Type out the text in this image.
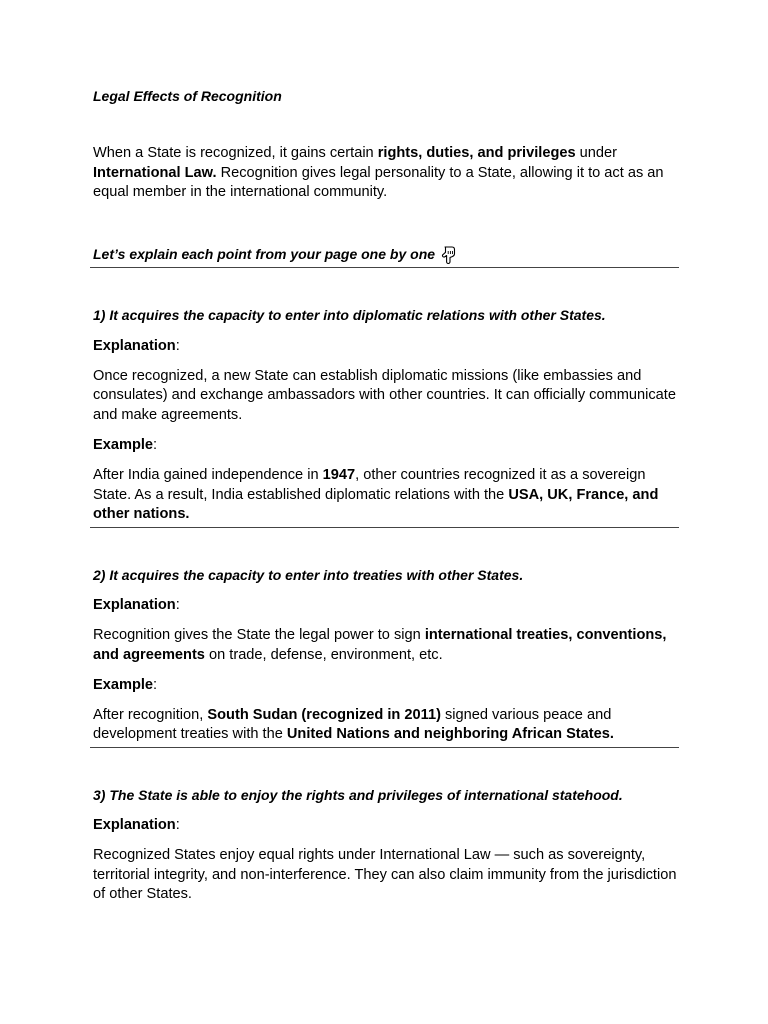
Legal Effects of Recognition

When a State is recognized, it gains certain rights, duties, and privileges under International Law. Recognition gives legal personality to a State, allowing it to act as an equal member in the international community.

Let’s explain each point from your page one by one
1) It acquires the capacity to enter into diplomatic relations with other States.

Explanation:

Once recognized, a new State can establish diplomatic missions (like embassies and consulates) and exchange ambassadors with other countries. It can officially communicate and make agreements.

Example:

After India gained independence in 1947, other countries recognized it as a sovereign State. As a result, India established diplomatic relations with the USA, UK, France, and other nations.

2) It acquires the capacity to enter into treaties with other States.

Explanation:

Recognition gives the State the legal power to sign international treaties, conventions, and agreements on trade, defense, environment, etc.

Example:

After recognition, South Sudan (recognized in 2011) signed various peace and development treaties with the United Nations and neighboring African States.

3) The State is able to enjoy the rights and privileges of international statehood.

Explanation:

Recognized States enjoy equal rights under International Law — such as sovereignty, territorial integrity, and non-interference. They can also claim immunity from the jurisdiction of other States.
